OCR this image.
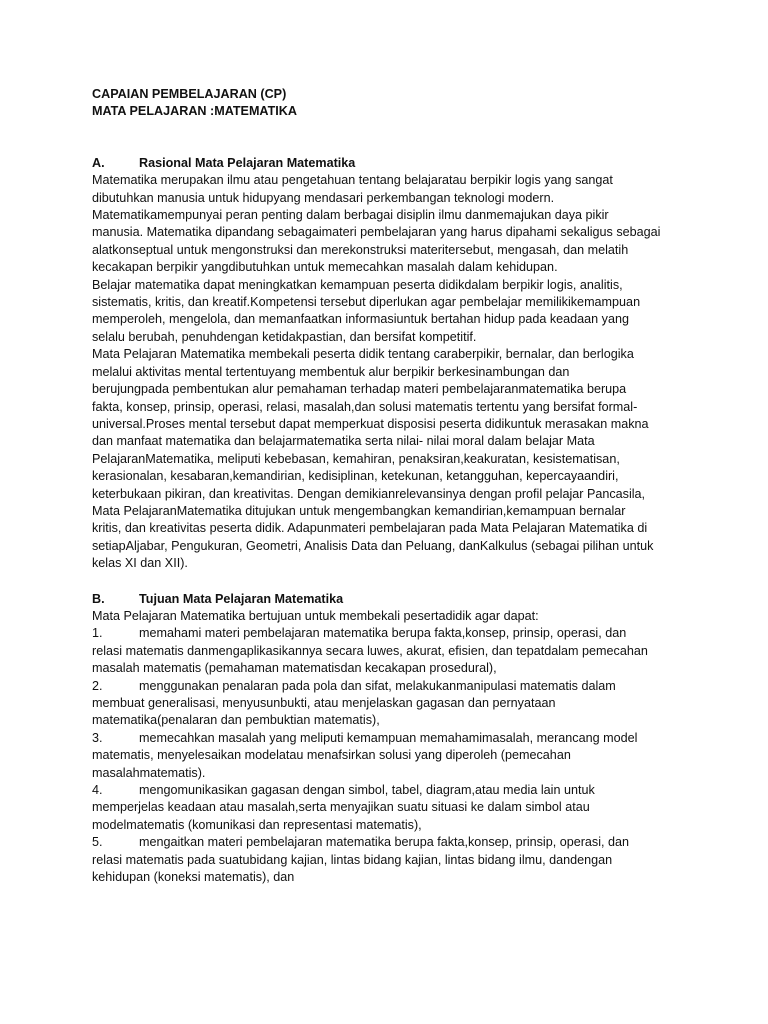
CAPAIAN PEMBELAJARAN (CP)
MATA PELAJARAN :MATEMATIKA
A.	Rasional Mata Pelajaran Matematika
Matematika merupakan ilmu atau pengetahuan tentang belajaratau berpikir logis yang sangat
dibutuhkan manusia untuk hidupyang mendasari perkembangan teknologi modern.
Matematikamempunyai peran penting dalam berbagai disiplin ilmu danmemajukan daya pikir
manusia. Matematika dipandang sebagaimateri pembelajaran yang harus dipahami sekaligus sebagai
alatkonseptual untuk mengonstruksi dan merekonstruksi materitersebut, mengasah, dan melatih
kecakapan berpikir yangdibutuhkan untuk memecahkan masalah dalam kehidupan.
Belajar matematika dapat meningkatkan kemampuan peserta didikdalam berpikir logis, analitis,
sistematis, kritis, dan kreatif.Kompetensi tersebut diperlukan agar pembelajar memilikikemampuan
memperoleh, mengelola, dan memanfaatkan informasiuntuk bertahan hidup pada keadaan yang
selalu berubah, penuhdengan ketidakpastian, dan bersifat kompetitif.
Mata Pelajaran Matematika membekali peserta didik tentang caraberpikir, bernalar, dan berlogika
melalui aktivitas mental tertentuyang membentuk alur berpikir berkesinambungan dan
berujungpada pembentukan alur pemahaman terhadap materi pembelajaranmatematika berupa
fakta, konsep, prinsip, operasi, relasi, masalah,dan solusi matematis tertentu yang bersifat formal-
universal.Proses mental tersebut dapat memperkuat disposisi peserta didikuntuk merasakan makna
dan manfaat matematika dan belajarmatematika serta nilai- nilai moral dalam belajar Mata
PelajaranMatematika, meliputi kebebasan, kemahiran, penaksiran,keakuratan, kesistematisan,
kerasionalan, kesabaran,kemandirian, kedisiplinan, ketekunan, ketangguhan, kepercayaandiri,
keterbukaan pikiran, dan kreativitas. Dengan demikianrelevansinya dengan profil pelajar Pancasila,
Mata PelajaranMatematika ditujukan untuk mengembangkan kemandirian,kemampuan bernalar
kritis, dan kreativitas peserta didik. Adapunmateri pembelajaran pada Mata Pelajaran Matematika di
setiapAljabar, Pengukuran, Geometri, Analisis Data dan Peluang, danKalkulus (sebagai pilihan untuk
kelas XI dan XII).
B.	Tujuan Mata Pelajaran Matematika
Mata Pelajaran Matematika bertujuan untuk membekali pesertadidik agar dapat:
1.	memahami materi pembelajaran matematika berupa fakta,konsep, prinsip, operasi, dan
relasi matematis danmengaplikasikannya secara luwes, akurat, efisien, dan tepatdalam pemecahan
masalah matematis (pemahaman matematisdan kecakapan prosedural),
2.	menggunakan penalaran pada pola dan sifat, melakukanmanipulasi matematis dalam
membuat generalisasi, menyusunbukti, atau menjelaskan gagasan dan pernyataan
matematika(penalaran dan pembuktian matematis),
3.	memecahkan masalah yang meliputi kemampuan memahamimasalah, merancang model
matematis, menyelesaikan modelatau menafsirkan solusi yang diperoleh (pemecahan
masalahmatematis).
4.	mengomunikasikan gagasan dengan simbol, tabel, diagram,atau media lain untuk
memperjelas keadaan atau masalah,serta menyajikan suatu situasi ke dalam simbol atau
modelmatematis (komunikasi dan representasi matematis),
5.	mengaitkan materi pembelajaran matematika berupa fakta,konsep, prinsip, operasi, dan
relasi matematis pada suatubidang kajian, lintas bidang kajian, lintas bidang ilmu, dandengan
kehidupan (koneksi matematis), dan
